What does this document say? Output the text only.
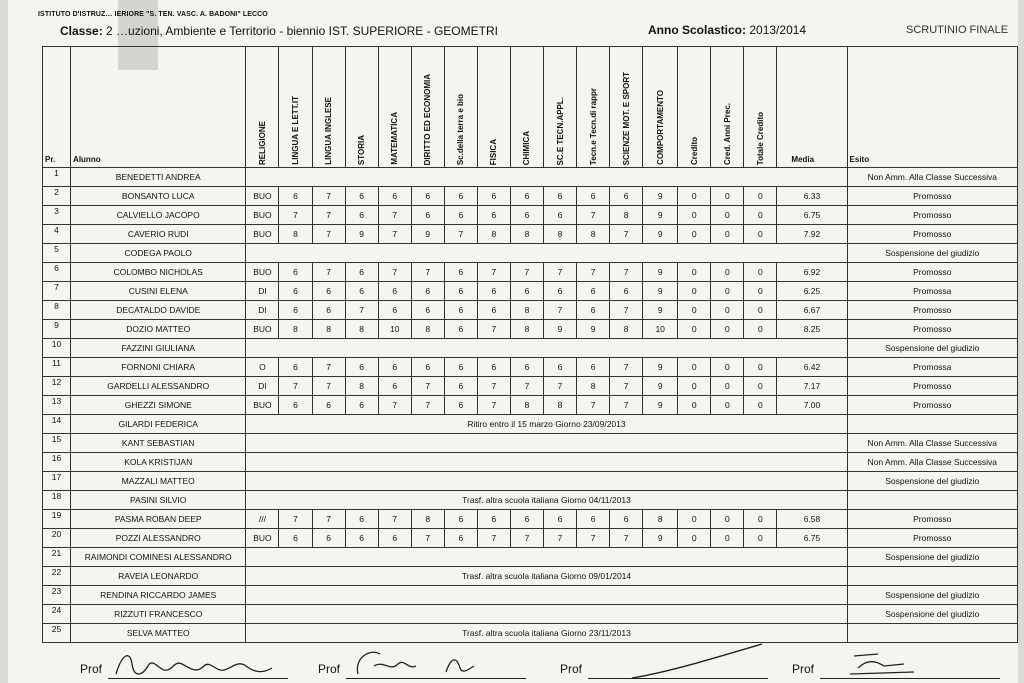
ISTITUTO D'ISTRUZ… IERIORE "S. TEN. VASC. A. BADONI" LECCO
Classe: 2 …uzioni, Ambiente e Territorio - biennio IST. SUPERIORE - GEOMETRI	Anno Scolastico: 2013/2014	SCRUTINIO FINALE
Pr.	Alunno	RELIGIONE	LINGUA E LETT.IT	LINGUA INGLESE	STORIA	MATEMATICA	DIRITTO ED ECONOMIA	Sc.della terra e bio	FISICA	CHIMICA	SC.E TECN.APPL.	Tecn.e Tecn.di rappr	SCIENZE MOT. E SPORT	COMPORTAMENTO	Credito	Cred. Anni Prec.	Totale Credito	Media	Esito

1	BENEDETTI ANDREA																		Non Amm. Alla Classe Successiva
2	BONSANTO LUCA	BUO	6	7	6	6	6	6	6	6	6	6	6	9	0	0	0	6.33	Promosso
3	CALVIELLO JACOPO	BUO	7	7	6	7	6	6	6	6	6	7	8	9	0	0	0	6.75	Promosso
4	CAVERIO RUDI	BUO	8	7	9	7	9	7	8	8	8	8	7	9	0	0	0	7.92	Promosso
5	CODEGA PAOLO																		Sospensione del giudizio
6	COLOMBO NICHOLAS	BUO	6	7	6	7	7	6	7	7	7	7	7	9	0	0	0	6.92	Promosso
7	CUSINI ELENA	DI	6	6	6	6	6	6	6	6	6	6	6	9	0	0	0	6.25	Promossa
8	DECATALDO DAVIDE	DI	6	6	7	6	6	6	6	8	7	6	7	9	0	0	0	6.67	Promosso
9	DOZIO MATTEO	BUO	8	8	8	10	8	6	7	8	9	9	8	10	0	0	0	8.25	Promosso
10	FAZZINI GIULIANA																		Sospensione del giudizio
11	FORNONI CHIARA	O	6	7	6	6	6	6	6	6	6	6	7	9	0	0	0	6.42	Promossa
12	GARDELLI ALESSANDRO	DI	7	7	8	6	7	6	7	7	7	8	7	9	0	0	0	7.17	Promosso
13	GHEZZI SIMONE	BUO	6	6	6	7	7	6	7	8	8	7	7	9	0	0	0	7.00	Promosso
14	GILARDI FEDERICA	Ritiro entro il 15 marzo Giorno 23/09/2013																	
15	KANT SEBASTIAN																		Non Amm. Alla Classe Successiva
16	KOLA KRISTIJAN																		Non Amm. Alla Classe Successiva
17	MAZZALI MATTEO																		Sospensione del giudizio
18	PASINI SILVIO	Trasf. altra scuola italiana Giorno 04/11/2013																	
19	PASMA ROBAN DEEP	///	7	7	6	7	8	6	6	6	6	6	6	8	0	0	0	6.58	Promosso
20	POZZI ALESSANDRO	BUO	6	6	6	6	7	6	7	7	7	7	7	9	0	0	0	6.75	Promosso
21	RAIMONDI COMINESI ALESSANDRO																		Sospensione del giudizio
22	RAVEIA LEONARDO	Trasf. altra scuola italiana Giorno 09/01/2014																	
23	RENDINA RICCARDO JAMES																		Sospensione del giudizio
24	RIZZUTI FRANCESCO																		Sospensione del giudizio
25	SELVA MATTEO	Trasf. altra scuola italiana Giorno 23/11/2013																	
Prof	Prof	Prof	Prof
